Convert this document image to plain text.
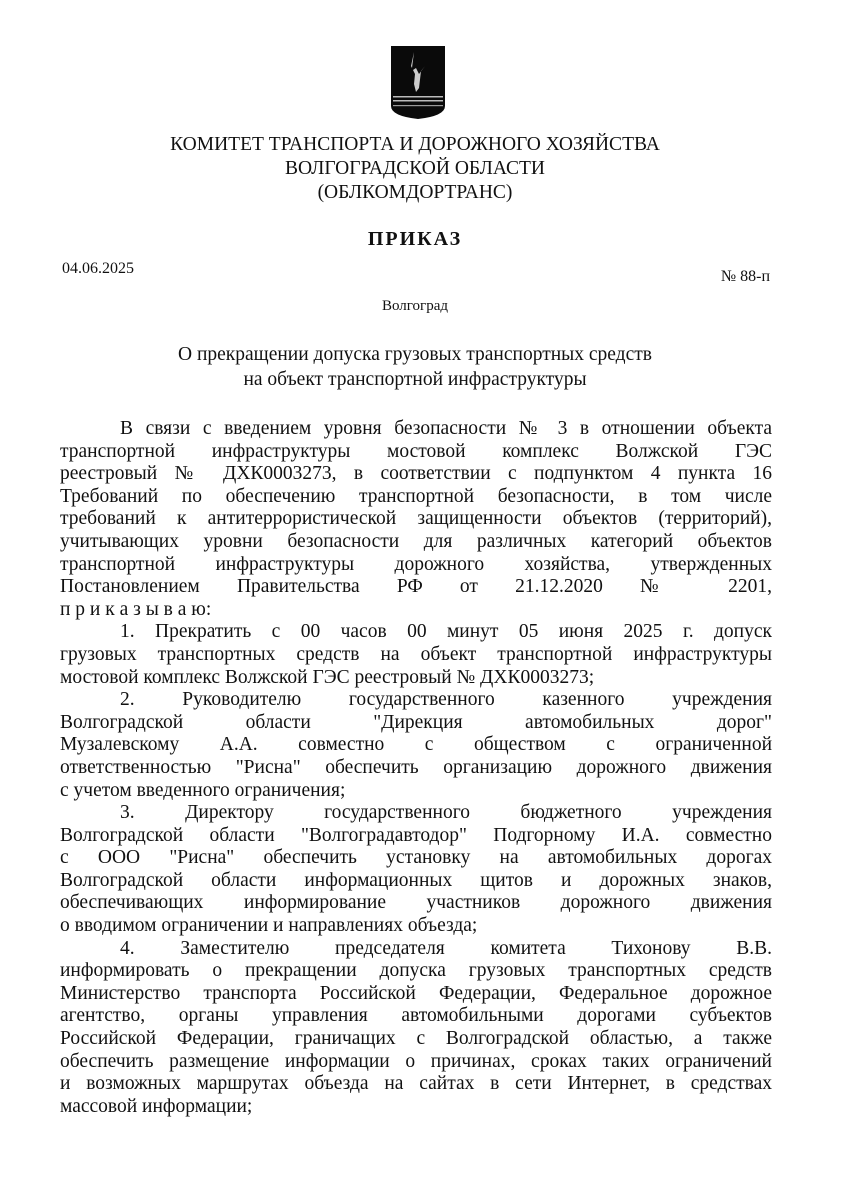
КОМИТЕТ ТРАНСПОРТА И ДОРОЖНОГО ХОЗЯЙСТВА
ВОЛГОГРАДСКОЙ ОБЛАСТИ
(ОБЛКОМДОРТРАНС)
ПРИКАЗ
04.06.2025	№ 88-п
Волгоград
О прекращении допуска грузовых транспортных средств
на объект транспортной инфраструктуры
В связи с введением уровня безопасности № 3 в отношении объекта
транспортной инфраструктуры мостовой комплекс Волжской ГЭС
реестровый № ДХК0003273, в соответствии с подпунктом 4 пункта 16
Требований по обеспечению транспортной безопасности, в том числе
требований к антитеррористической защищенности объектов (территорий),
учитывающих уровни безопасности для различных категорий объектов
транспортной инфраструктуры дорожного хозяйства, утвержденных
Постановлением Правительства РФ от 21.12.2020 № 2201,
п р и к а з ы в а ю:
1. Прекратить с 00 часов 00 минут 05 июня 2025 г. допуск
грузовых транспортных средств на объект транспортной инфраструктуры
мостовой комплекс Волжской ГЭС реестровый № ДХК0003273;
2. Руководителю государственного казенного учреждения
Волгоградской области "Дирекция автомобильных дорог"
Музалевскому А.А. совместно с обществом с ограниченной
ответственностью "Рисна" обеспечить организацию дорожного движения
с учетом введенного ограничения;
3. Директору государственного бюджетного учреждения
Волгоградской области "Волгоградавтодор" Подгорному И.А. совместно
с ООО "Рисна" обеспечить установку на автомобильных дорогах
Волгоградской области информационных щитов и дорожных знаков,
обеспечивающих информирование участников дорожного движения
о вводимом ограничении и направлениях объезда;
4. Заместителю председателя комитета Тихонову В.В.
информировать о прекращении допуска грузовых транспортных средств
Министерство транспорта Российской Федерации, Федеральное дорожное
агентство, органы управления автомобильными дорогами субъектов
Российской Федерации, граничащих с Волгоградской областью, а также
обеспечить размещение информации о причинах, сроках таких ограничений
и возможных маршрутах объезда на сайтах в сети Интернет, в средствах
массовой информации;
